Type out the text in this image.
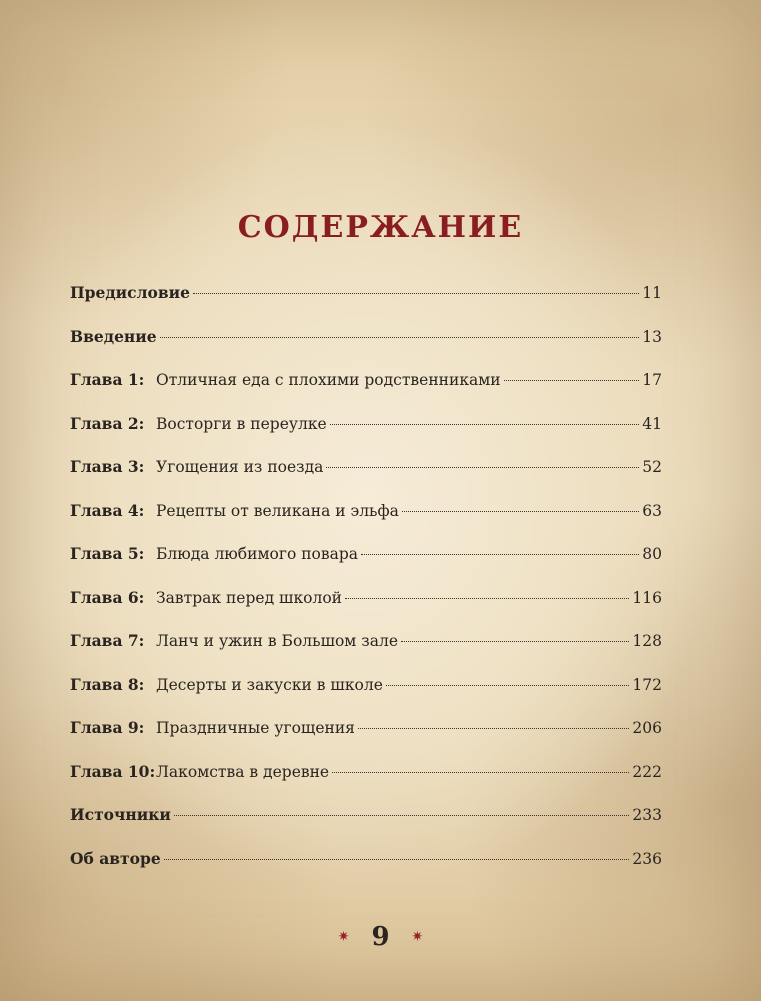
СОДЕРЖАНИЕ
Предисловие	11
Введение	13
Глава 1: Отличная еда с плохими родственниками	17
Глава 2: Восторги в переулке	41
Глава 3: Угощения из поезда	52
Глава 4: Рецепты от великана и эльфа	63
Глава 5: Блюда любимого повара	80
Глава 6: Завтрак перед школой	116
Глава 7: Ланч и ужин в Большом зале	128
Глава 8: Десерты и закуски в школе	172
Глава 9: Праздничные угощения	206
Глава 10: Лакомства в деревне	222
Источники	233
Об авторе	236
✷ 9 ✷
